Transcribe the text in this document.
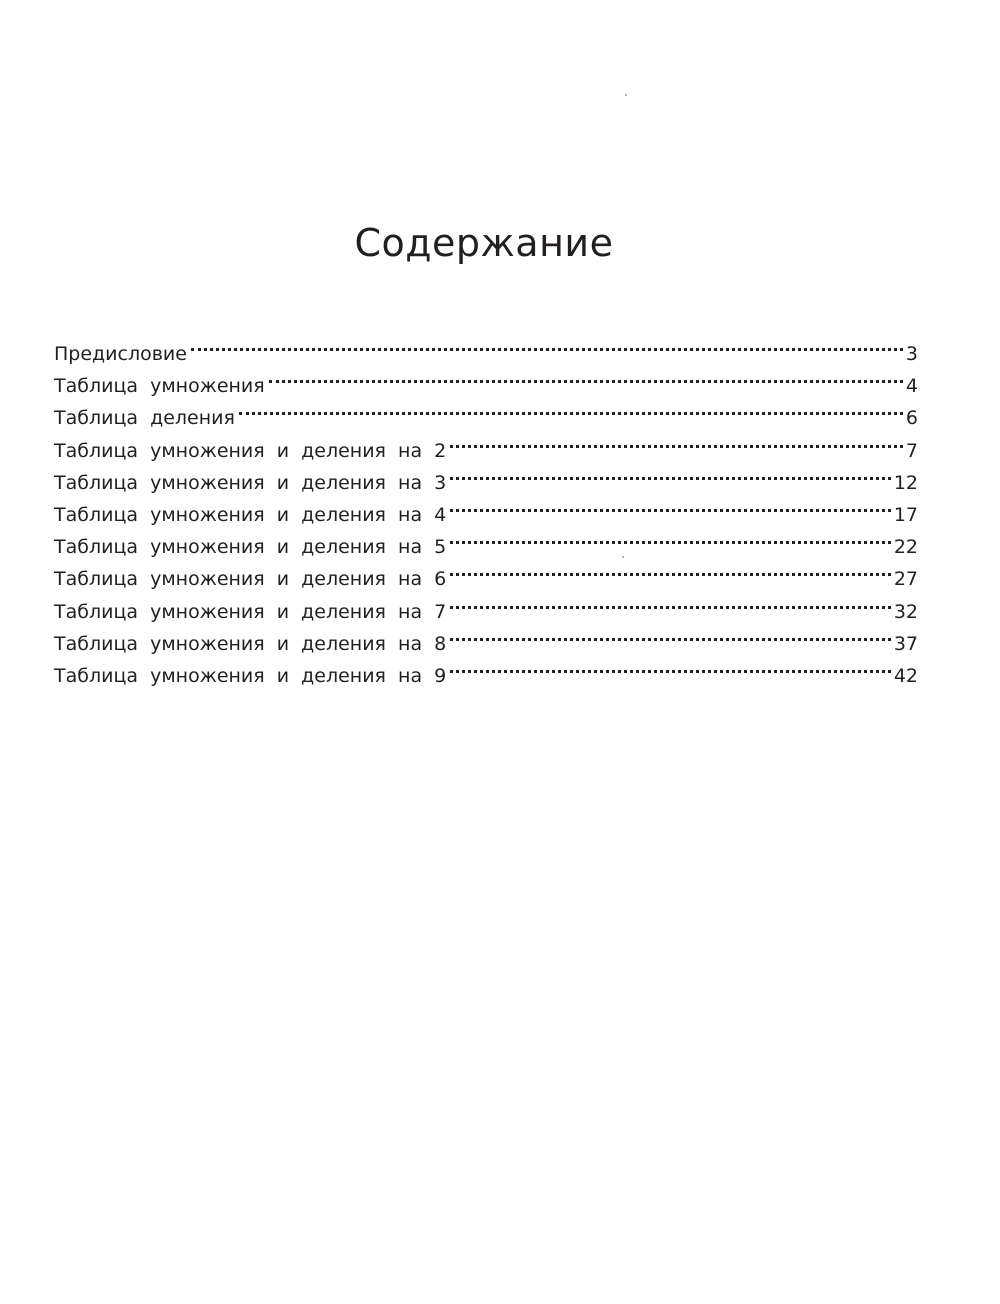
Содержание
Предисловие	3
Таблица умножения	4
Таблица деления	6
Таблица умножения и деления на 2	7
Таблица умножения и деления на 3	12
Таблица умножения и деления на 4	17
Таблица умножения и деления на 5	22
Таблица умножения и деления на 6	27
Таблица умножения и деления на 7	32
Таблица умножения и деления на 8	37
Таблица умножения и деления на 9	42
